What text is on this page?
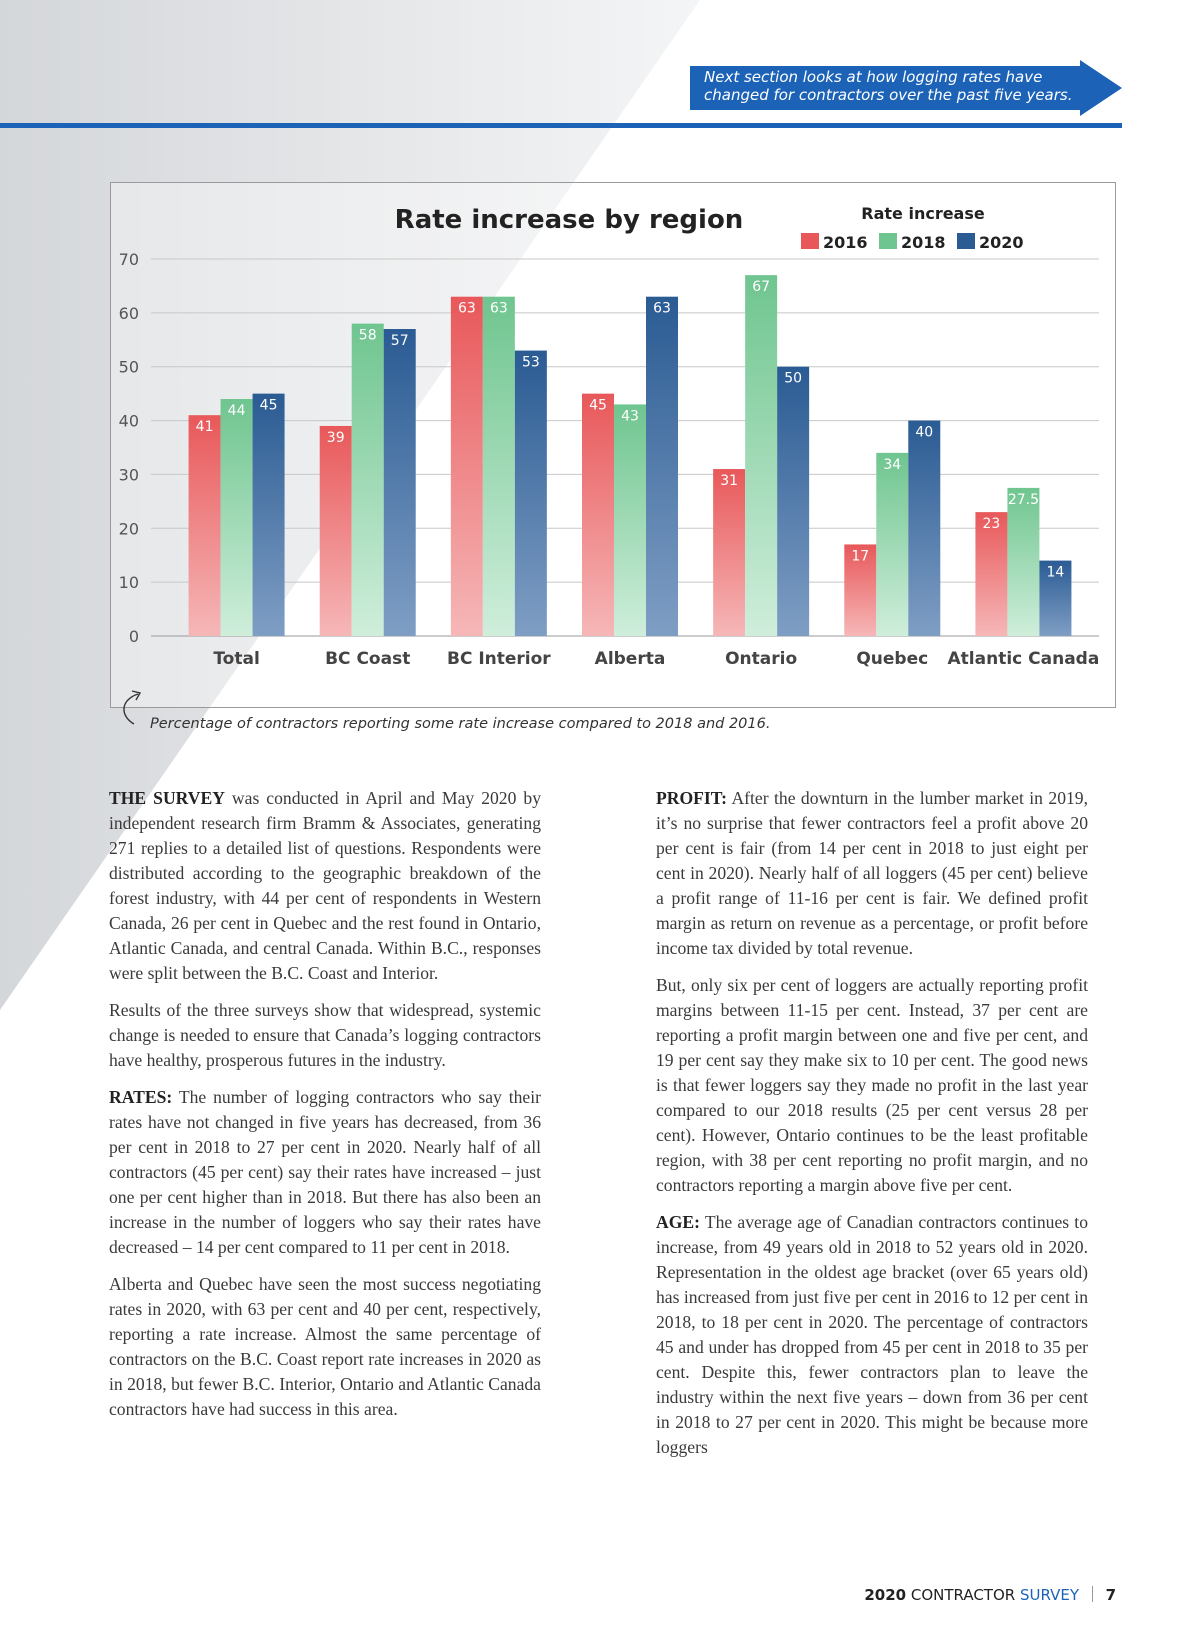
Next section looks at how logging rates have
changed for contractors over the past five years.
0
10
20
30
40
50
60
70
41
44 45
Total
39
58 57
BC Coast
63 63
53
BC Interior
45
43
63
Alberta
31
67
50
Ontario
17
34
40
Quebec
23
27.5
14
Atlantic Canada
Rate increase by region	Rate increase
2016 2018 2020
Percentage of contractors reporting some rate increase compared to 2018 and 2016.

THE SURVEY was conducted in April and May 2020 by independent research firm Bramm & Associates, generating 271 replies to a detailed list of questions. Respondents were distributed according to the geographic breakdown of the forest industry, with 44 per cent of respondents in Western Canada, 26 per cent in Quebec and the rest found in Ontario, Atlantic Canada, and central Canada. Within B.C., responses were split between the B.C. Coast and Interior.

Results of the three surveys show that widespread, systemic change is needed to ensure that Canada’s logging contractors have healthy, prosperous futures in the industry.

RATES: The number of logging contractors who say their rates have not changed in five years has decreased, from 36 per cent in 2018 to 27 per cent in 2020. Nearly half of all contractors (45 per cent) say their rates have increased – just one per cent higher than in 2018. But there has also been an increase in the number of loggers who say their rates have decreased – 14 per cent compared to 11 per cent in 2018.

Alberta and Quebec have seen the most success negotiating rates in 2020, with 63 per cent and 40 per cent, respectively, reporting a rate increase. Almost the same percentage of contractors on the B.C. Coast report rate increases in 2020 as in 2018, but fewer B.C. Interior, Ontario and Atlantic Canada contractors have had success in this area.

PROFIT: After the downturn in the lumber market in 2019, it’s no surprise that fewer contractors feel a profit above 20 per cent is fair (from 14 per cent in 2018 to just eight per cent in 2020). Nearly half of all loggers (45 per cent) believe a profit range of 11-16 per cent is fair. We defined profit margin as return on revenue as a percentage, or profit before income tax divided by total revenue.

But, only six per cent of loggers are actually reporting profit margins between 11-15 per cent. Instead, 37 per cent are reporting a profit margin between one and five per cent, and 19 per cent say they make six to 10 per cent. The good news is that fewer loggers say they made no profit in the last year compared to our 2018 results (25 per cent versus 28 per cent). However, Ontario continues to be the least profitable region, with 38 per cent reporting no profit margin, and no contractors reporting a margin above five per cent.

AGE: The average age of Canadian contractors continues to increase, from 49 years old in 2018 to 52 years old in 2020. Representation in the oldest age bracket (over 65 years old) has increased from just five per cent in 2016 to 12 per cent in 2018, to 18 per cent in 2020. The percentage of contractors 45 and under has dropped from 45 per cent in 2018 to 35 per cent. Despite this, fewer contractors plan to leave the industry within the next five years – down from 36 per cent in 2018 to 27 per cent in 2020. This might be because more loggers

2020 CONTRACTOR SURVEY 7
